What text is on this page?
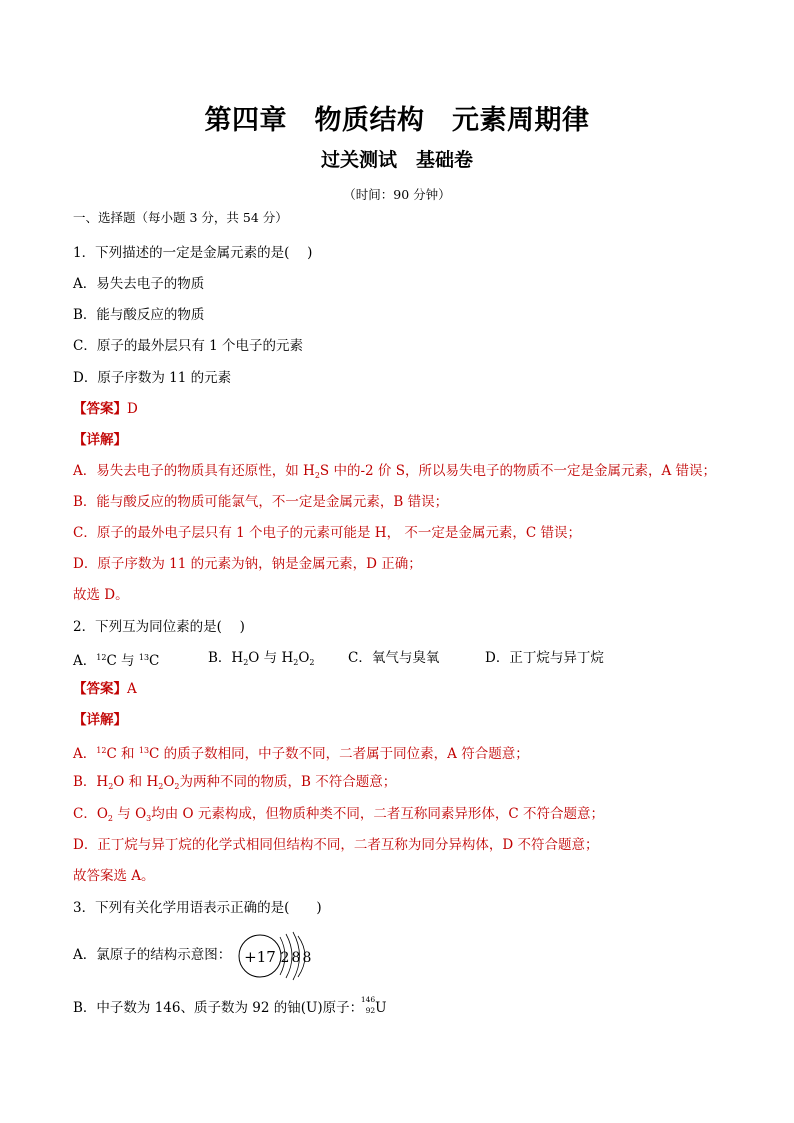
第四章　物质结构　元素周期律
过关测试　基础卷
（时间：90 分钟）
一、选择题（每小题 3 分，共 54 分）
1．下列描述的一定是金属元素的是(　 )
A．易失去电子的物质
B．能与酸反应的物质
C．原子的最外层只有 1 个电子的元素
D．原子序数为 11 的元素
【答案】D
【详解】
A．易失去电子的物质具有还原性，如 $H_2S$ 中的-2 价 S，所以易失电子的物质不一定是金属元素，A 错误；
B．能与酸反应的物质可能氯气，不一定是金属元素，B 错误；
C．原子的最外电子层只有 1 个电子的元素可能是 H， 不一定是金属元素，C 错误；
D．原子序数为 11 的元素为钠，钠是金属元素，D 正确；
故选 D。
2．下列互为同位素的是(　 )
A．$^{12}$C 与 $^{13}$C	B．$H_2O$ 与 $H_2O_2$ C．氧气与臭氧	D．正丁烷与异丁烷
【答案】A
【详解】
A．$^{12}$C 和 $^{13}$C 的质子数相同，中子数不同，二者属于同位素，A 符合题意；
B．$H_2O$ 和 $H_2O_2$为两种不同的物质，B 不符合题意；
C．$O_2$ 与 $O_3$均由 O 元素构成，但物质种类不同，二者互称同素异形体，C 不符合题意；
D．正丁烷与异丁烷的化学式相同但结构不同，二者互称为同分异构体，D 不符合题意；
故答案选 A。
3．下列有关化学用语表示正确的是(　　)
A．氯原子的结构示意图： +17 2 8 8
B．中子数为 146、质子数为 92 的铀(U)原子：
146
92 U
